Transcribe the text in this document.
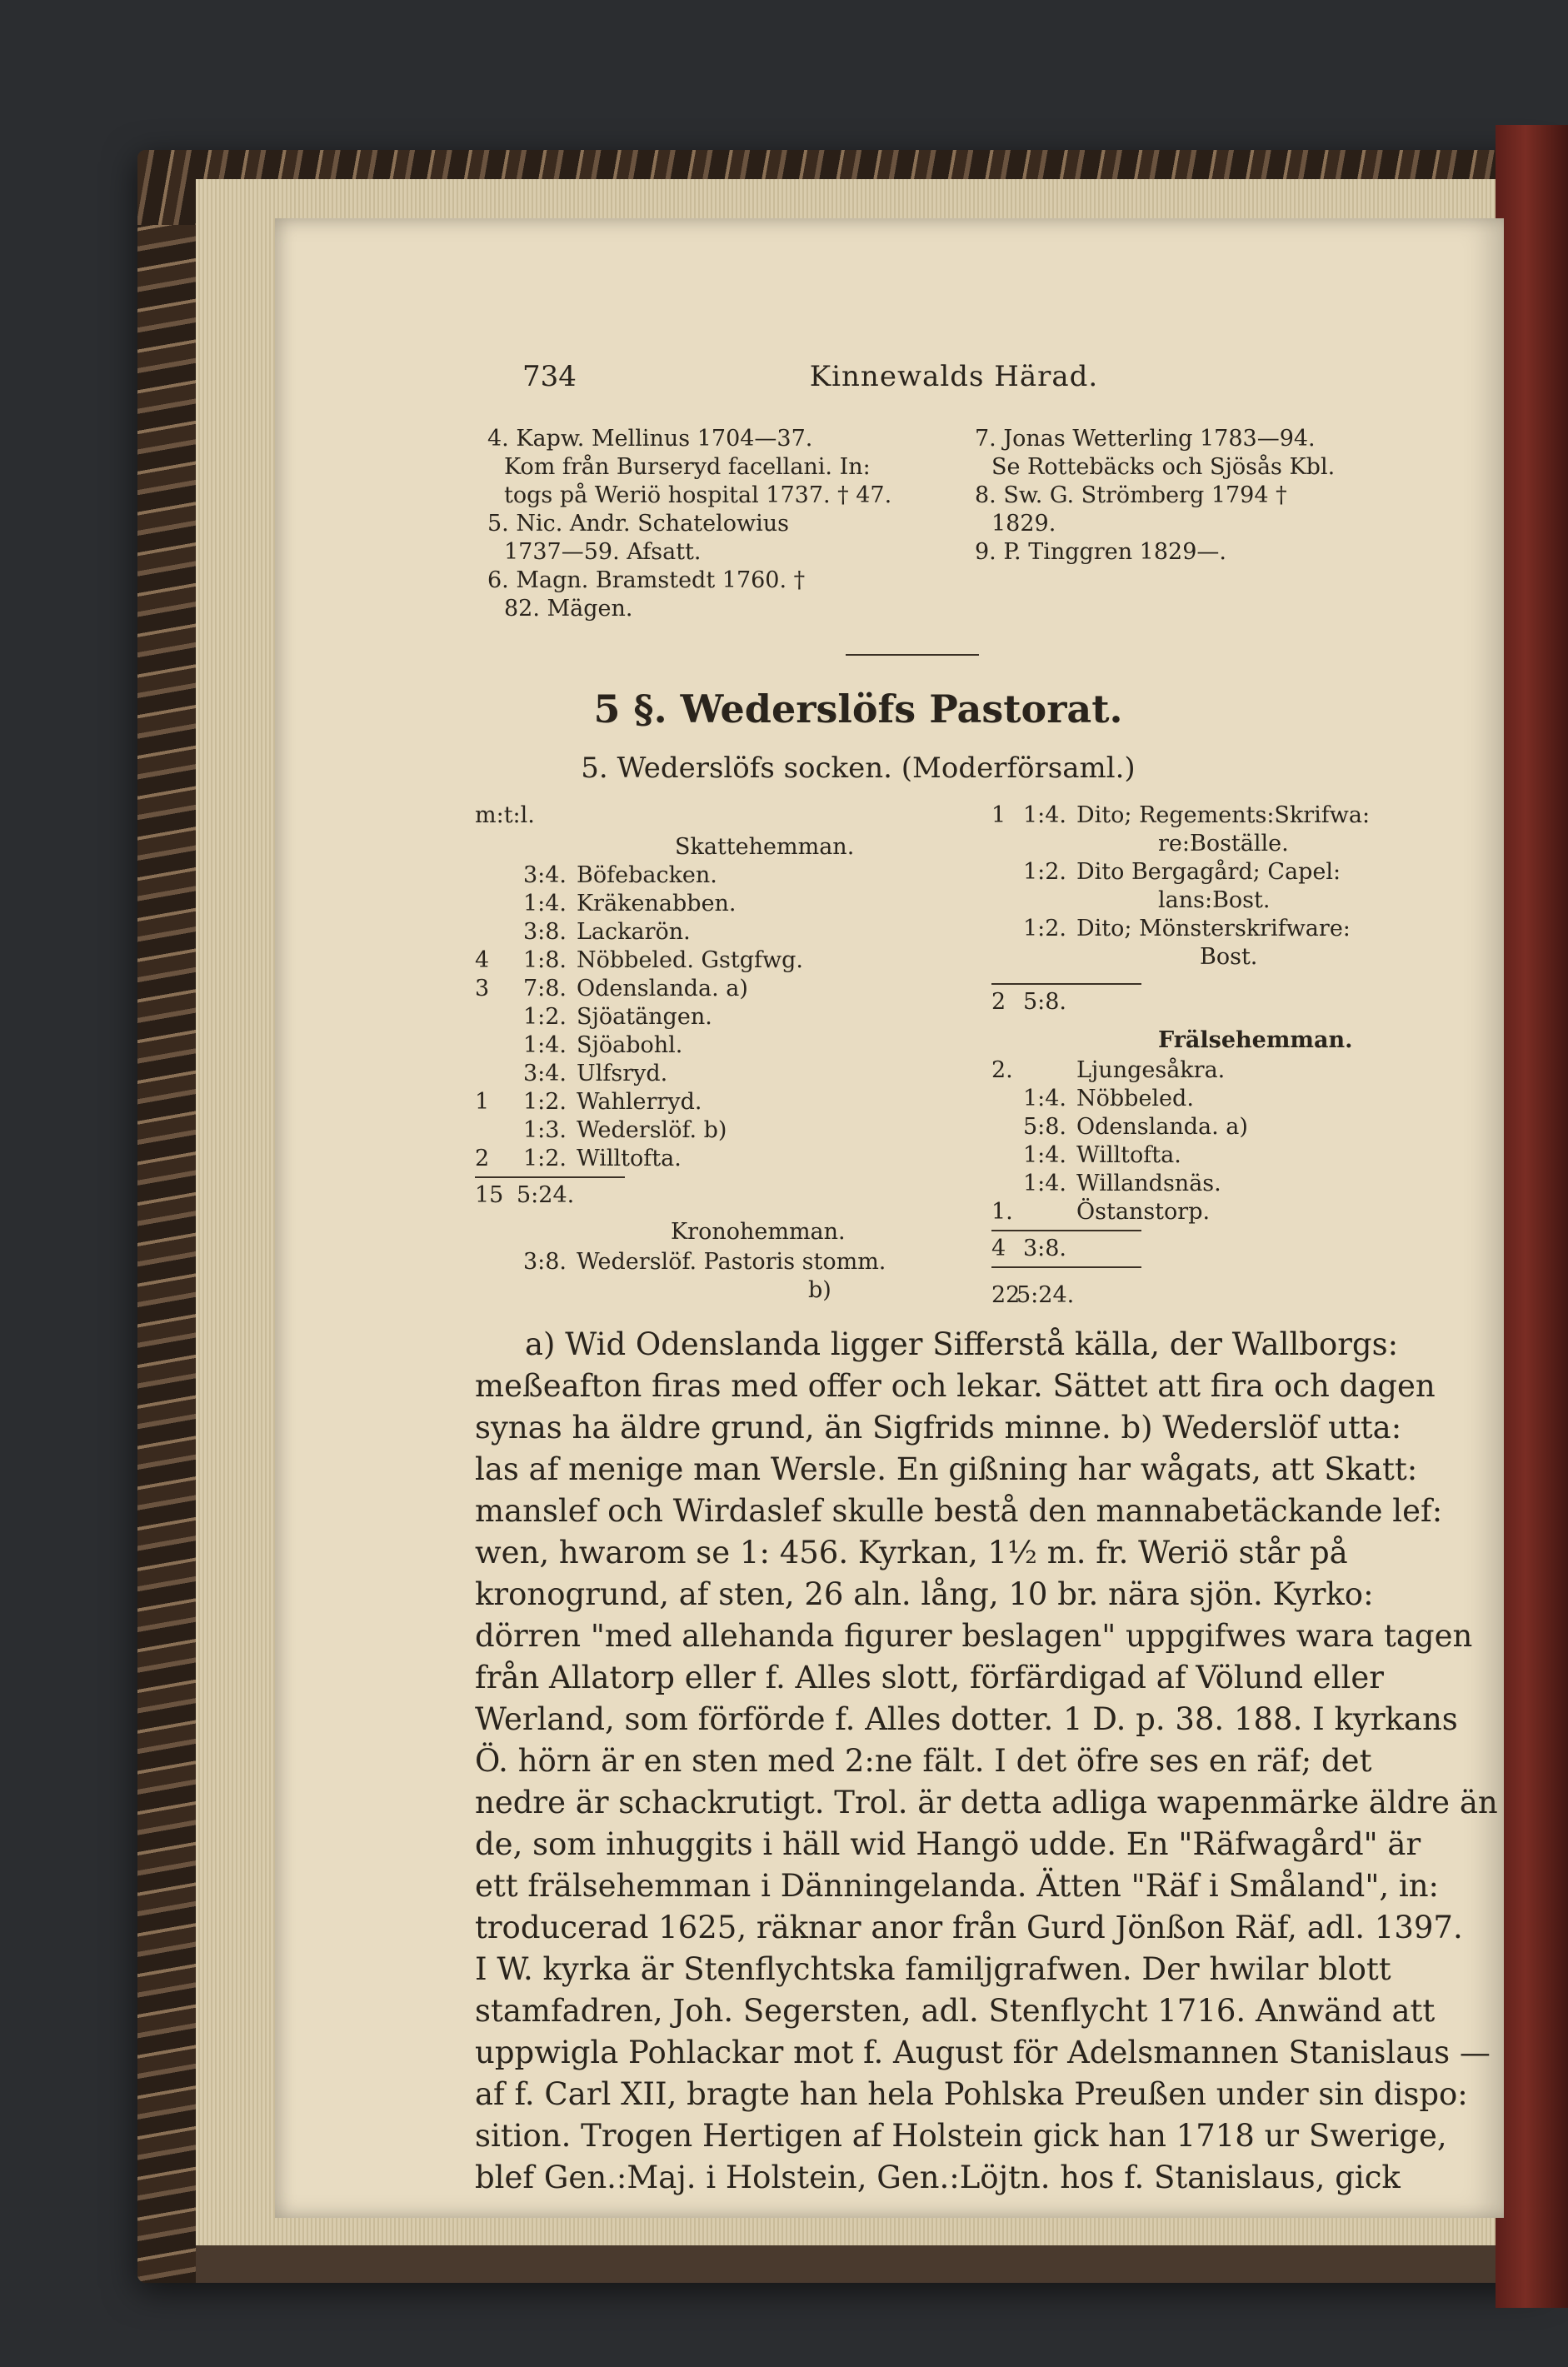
734	Kinnewalds Härad.
4. Kapw. Mellinus 1704—37.
Kom från Burseryd facellani. In:
togs på Weriö hospital 1737. † 47.
5. Nic. Andr. Schatelowius
1737—59. Afsatt.
6. Magn. Bramstedt 1760. †
82. Mägen.
7. Jonas Wetterling 1783—94.
Se Rottebäcks och Sjösås Kbl.
8. Sw. G. Strömberg 1794 †
1829.
9. P. Tinggren 1829—.
5 §. Wederslöfs Pastorat.
5. Wederslöfs socken. (Moderförsaml.)
m:t:l.
Skattehemman.
3:4. Böfebacken.
1:4. Kräkenabben.
3:8. Lackarön.
4 1:8. Nöbbeled. Gstgfwg.
3 7:8. Odenslanda. a)
1:2. Sjöatängen.
1:4. Sjöabohl.
3:4. Ulfsryd.
1 1:2. Wahlerryd.
1:3. Wederslöf. b)
2 1:2. Willtofta.
15 5:24.
Kronohemman.
3:8. Wederslöf. Pastoris stomm.
b)
1 1:4. Dito; Regements:Skrifwa:
re:Boställe.
1:2. Dito Bergagård; Capel:
lans:Bost.
1:2. Dito; Mönsterskrifware:
Bost.
2 5:8.
Frälsehemman.
2.	Ljungesåkra.
1:4. Nöbbeled.
5:8. Odenslanda. a)
1:4. Willtofta.
1:4. Willandsnäs.
1.	Östanstorp.
4 3:8.
225:24.
a) Wid Odenslanda ligger Sifferstå källa, der Wallborgs:
meßeafton firas med offer och lekar. Sättet att fira och dagen
synas ha äldre grund, än Sigfrids minne. b) Wederslöf utta:
las af menige man Wersle. En gißning har wågats, att Skatt:
manslef och Wirdaslef skulle bestå den mannabetäckande lef:
wen, hwarom se 1: 456. Kyrkan, 1½ m. fr. Weriö står på
kronogrund, af sten, 26 aln. lång, 10 br. nära sjön. Kyrko:
dörren "med allehanda figurer beslagen" uppgifwes wara tagen
från Allatorp eller f. Alles slott, förfärdigad af Völund eller
Werland, som förförde f. Alles dotter. 1 D. p. 38. 188. I kyrkans
Ö. hörn är en sten med 2:ne fält. I det öfre ses en räf; det
nedre är schackrutigt. Trol. är detta adliga wapenmärke äldre än
de, som inhuggits i häll wid Hangö udde. En "Räfwagård" är
ett frälsehemman i Dänningelanda. Ätten "Räf i Småland", in:
troducerad 1625, räknar anor från Gurd Jönßon Räf, adl. 1397.
I W. kyrka är Stenflychtska familjgrafwen. Der hwilar blott
stamfadren, Joh. Segersten, adl. Stenflycht 1716. Anwänd att
uppwigla Pohlackar mot f. August för Adelsmannen Stanislaus —
af f. Carl XII, bragte han hela Pohlska Preußen under sin dispo:
sition. Trogen Hertigen af Holstein gick han 1718 ur Swerige,
blef Gen.:Maj. i Holstein, Gen.:Löjtn. hos f. Stanislaus, gick
